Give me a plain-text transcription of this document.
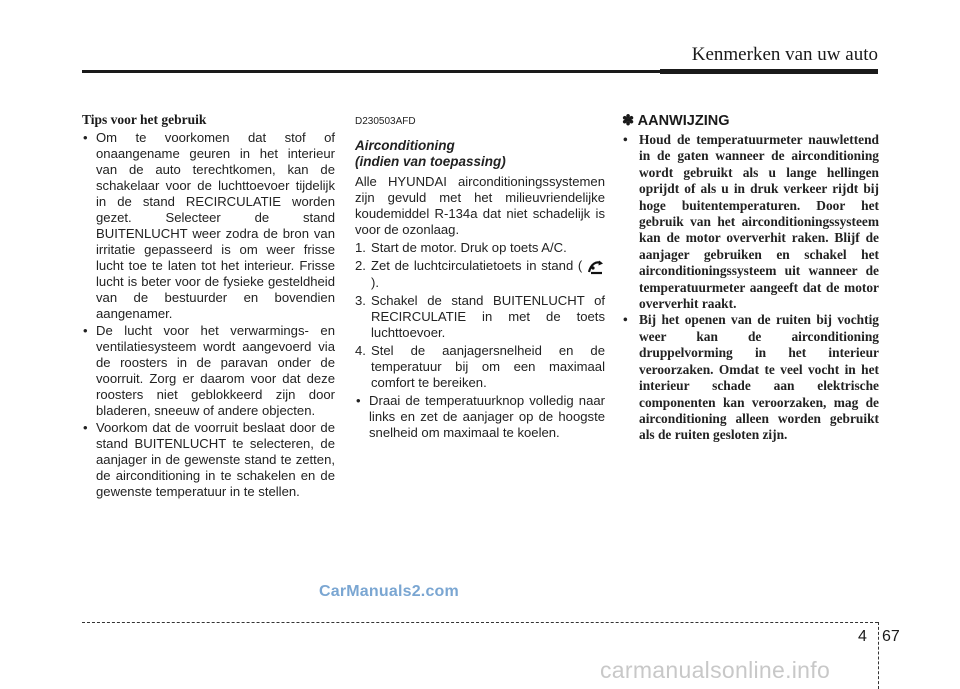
Kenmerken van uw auto
Tips voor het gebruik
• Om te voorkomen dat stof of onaangename geuren in het interieur van de auto terechtkomen, kan de schakelaar voor de luchttoevoer tijdelijk in de stand RECIRCULATIE worden gezet. Selecteer de stand BUITENLUCHT weer zodra de bron van irritatie gepasseerd is om weer frisse lucht toe te laten tot het interieur. Frisse lucht is beter voor de fysieke gesteldheid van de bestuurder en bovendien aangenamer.
• De lucht voor het verwarmings- en ventilatiesysteem wordt aangevoerd via de roosters in de paravan onder de voorruit. Zorg er daarom voor dat deze roosters niet geblokkeerd zijn door bladeren, sneeuw of andere objecten.
• Voorkom dat de voorruit beslaat door de stand BUITENLUCHT te selecteren, de aanjager in de gewenste stand te zetten, de airconditioning in te schakelen en de gewenste temperatuur in te stellen.
D230503AFD
Airconditioning
(indien van toepassing)
Alle HYUNDAI airconditioningssystemen zijn gevuld met het milieuvriendelijke koudemiddel R-134a dat niet schadelijk is voor de ozonlaag.
1. Start de motor. Druk op toets A/C.
2. Zet de luchtcirculatietoets in stand (  ).
3. Schakel de stand BUITENLUCHT of RECIRCULATIE in met de toets luchttoevoer.
4. Stel de aanjagersnelheid en de temperatuur bij om een maximaal comfort te bereiken.
• Draai de temperatuurknop volledig naar links en zet de aanjager op de hoogste snelheid om maximaal te koelen.
✽ AANWIJZING
• Houd de temperatuurmeter nauwlettend in de gaten wanneer de airconditioning wordt gebruikt als u lange hellingen oprijdt of als u in druk verkeer rijdt bij hoge buitentemperaturen. Door het gebruik van het airconditioningssysteem kan de motor oververhit raken. Blijf de aanjager gebruiken en schakel het airconditioningssysteem uit wanneer de temperatuurmeter aangeeft dat de motor oververhit raakt.
• Bij het openen van de ruiten bij vochtig weer kan de airconditioning druppelvorming in het interieur veroorzaken. Omdat te veel vocht in het interieur schade aan elektrische componenten kan veroorzaken, mag de airconditioning alleen worden gebruikt als de ruiten gesloten zijn.
CarManuals2.com
4 67
carmanualsonline.info
